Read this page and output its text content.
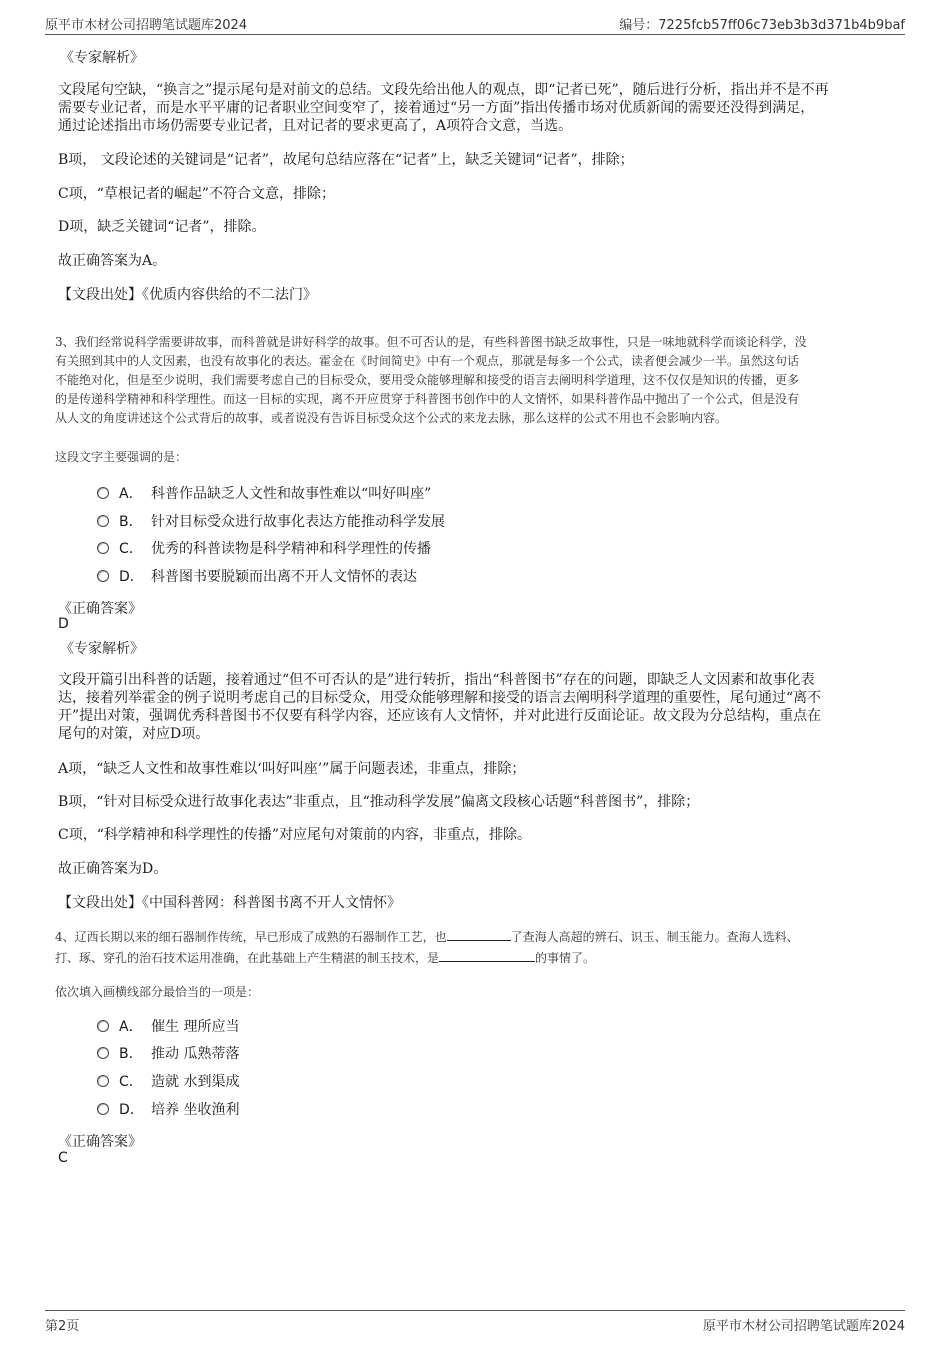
原平市木材公司招聘笔试题库2024	编号：7225fcb57ff06c73eb3b3d371b4b9baf
《专家解析》
文段尾句空缺，“换言之”提示尾句是对前文的总结。文段先给出他人的观点，即“记者已死”，随后进行分析，指出并不是不再
需要专业记者，而是水平平庸的记者职业空间变窄了，接着通过“另一方面”指出传播市场对优质新闻的需要还没得到满足，
通过论述指出市场仍需要专业记者，且对记者的要求更高了，A项符合文意，当选。
B项， 文段论述的关键词是“记者”，故尾句总结应落在“记者”上，缺乏关键词“记者”，排除；
C项，“草根记者的崛起”不符合文意，排除；
D项，缺乏关键词“记者”，排除。
故正确答案为A。
【文段出处】《优质内容供给的不二法门》
3、我们经常说科学需要讲故事，而科普就是讲好科学的故事。但不可否认的是，有些科普图书缺乏故事性，只是一味地就科学而谈论科学，没
有关照到其中的人文因素，也没有故事化的表达。霍金在《时间简史》中有一个观点，那就是每多一个公式，读者便会减少一半。虽然这句话
不能绝对化，但是至少说明，我们需要考虑自己的目标受众，要用受众能够理解和接受的语言去阐明科学道理，这不仅仅是知识的传播，更多
的是传递科学精神和科学理性。而这一目标的实现，离不开应贯穿于科普图书创作中的人文情怀，如果科普作品中抛出了一个公式，但是没有
从人文的角度讲述这个公式背后的故事，或者说没有告诉目标受众这个公式的来龙去脉，那么这样的公式不用也不会影响内容。
这段文字主要强调的是：
A． 科普作品缺乏人文性和故事性难以“叫好叫座”
B． 针对目标受众进行故事化表达方能推动科学发展
C． 优秀的科普读物是科学精神和科学理性的传播
D． 科普图书要脱颖而出离不开人文情怀的表达
《正确答案》
D
《专家解析》
文段开篇引出科普的话题，接着通过“但不可否认的是”进行转折，指出“科普图书”存在的问题，即缺乏人文因素和故事化表
达，接着列举霍金的例子说明考虑自己的目标受众，用受众能够理解和接受的语言去阐明科学道理的重要性，尾句通过“离不
开”提出对策，强调优秀科普图书不仅要有科学内容，还应该有人文情怀，并对此进行反面论证。故文段为分总结构，重点在
尾句的对策，对应D项。
A项，“缺乏人文性和故事性难以‘叫好叫座’”属于问题表述，非重点，排除；
B项，“针对目标受众进行故事化表达”非重点，且“推动科学发展”偏离文段核心话题“科普图书”，排除；
C项，“科学精神和科学理性的传播”对应尾句对策前的内容，非重点，排除。
故正确答案为D。
【文段出处】《中国科普网：科普图书离不开人文情怀》
4、辽西长期以来的细石器制作传统，早已形成了成熟的石器制作工艺，也	了查海人高超的辨石、识玉、制玉能力。查海人选料、
打、琢、穿孔的治石技术运用准确，在此基础上产生精湛的制玉技术，是	的事情了。
依次填入画横线部分最恰当的一项是：
A． 催生 理所应当
B． 推动 瓜熟蒂落
C． 造就 水到渠成
D． 培养 坐收渔利
《正确答案》
C
第2页	原平市木材公司招聘笔试题库2024
